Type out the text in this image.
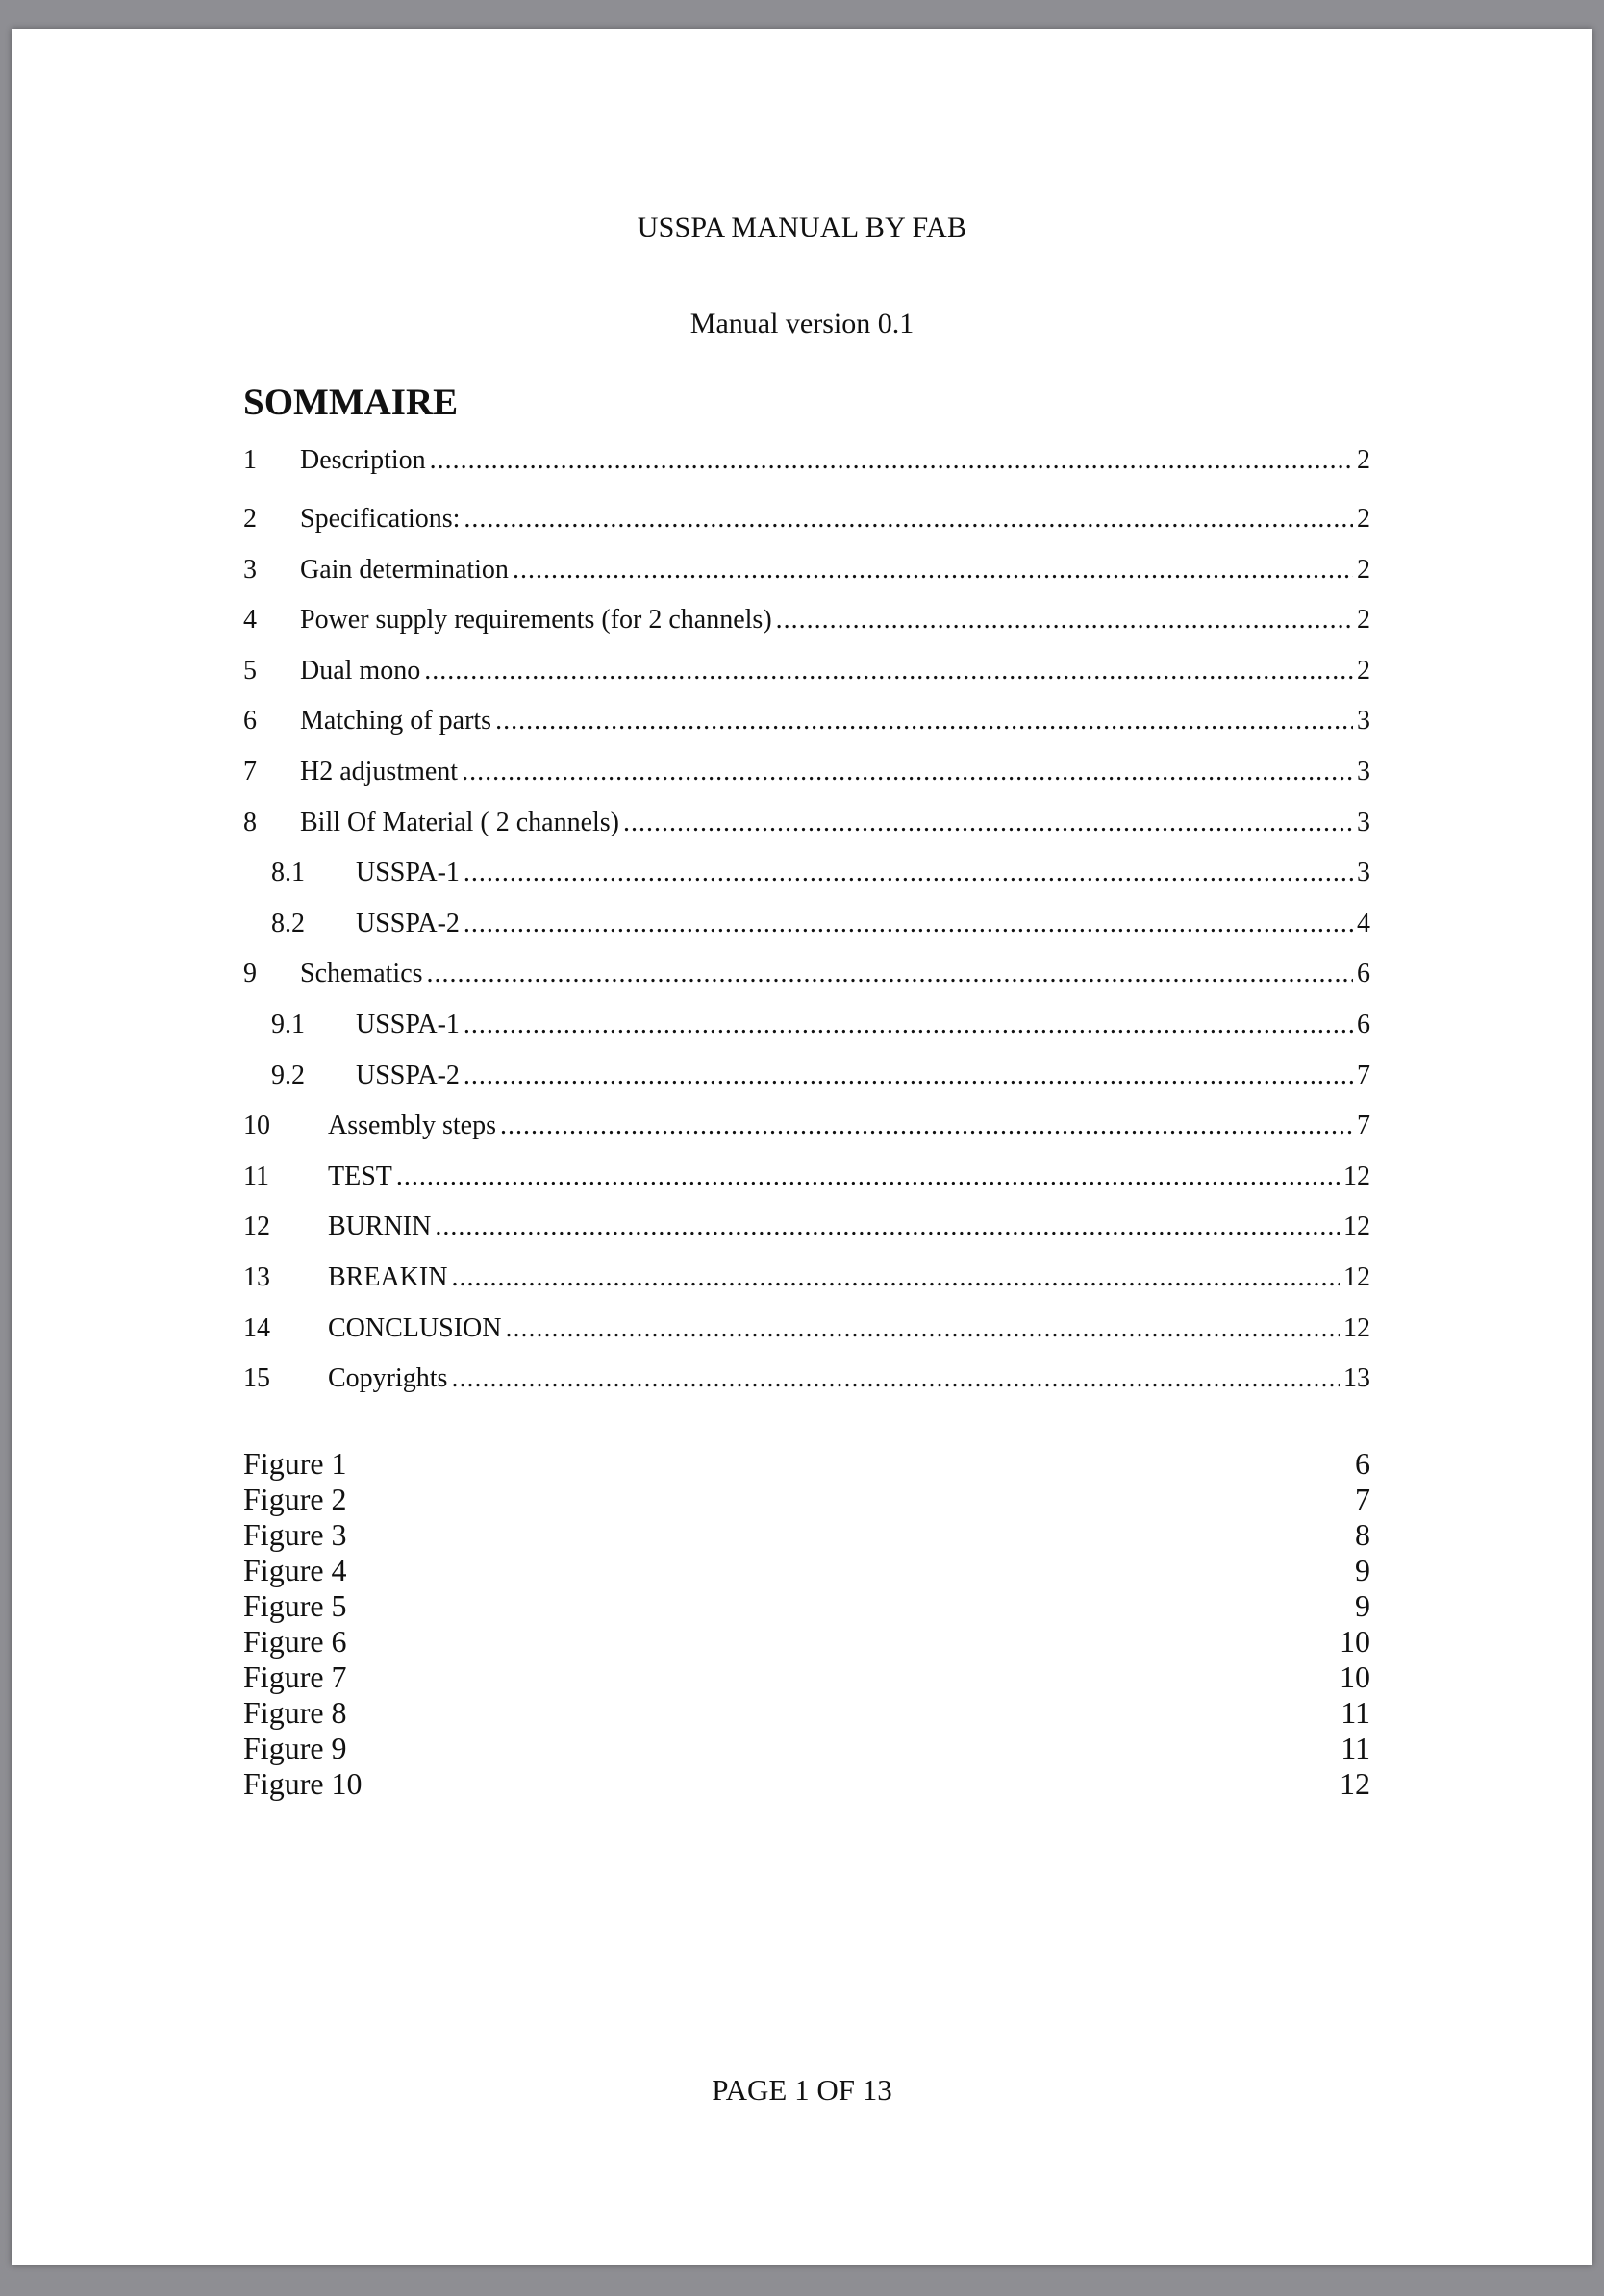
USSPA MANUAL BY FAB
Manual version 0.1
SOMMAIRE
1	Description .....	2
2	Specifications: .....	2
3	Gain determination .....	2
4	Power supply requirements (for 2 channels) .....	2
5	Dual mono .....	2
6	Matching of parts .....	3
7	H2 adjustment .....	3
8	Bill Of Material ( 2 channels) .....	3
8.1	USSPA-1 .....	3
8.2	USSPA-2 .....	4
9	Schematics .....	6
9.1	USSPA-1 .....	6
9.2	USSPA-2 .....	7
10	Assembly steps .....	7
11	TEST .....	12
12	BURNIN .....	12
13	BREAKIN .....	12
14	CONCLUSION .....	12
15	Copyrights .....	13
Figure 1	6
Figure 2	7
Figure 3	8
Figure 4	9
Figure 5	9
Figure 6	10
Figure 7	10
Figure 8	11
Figure 9	11
Figure 10	12
PAGE 1 OF 13
